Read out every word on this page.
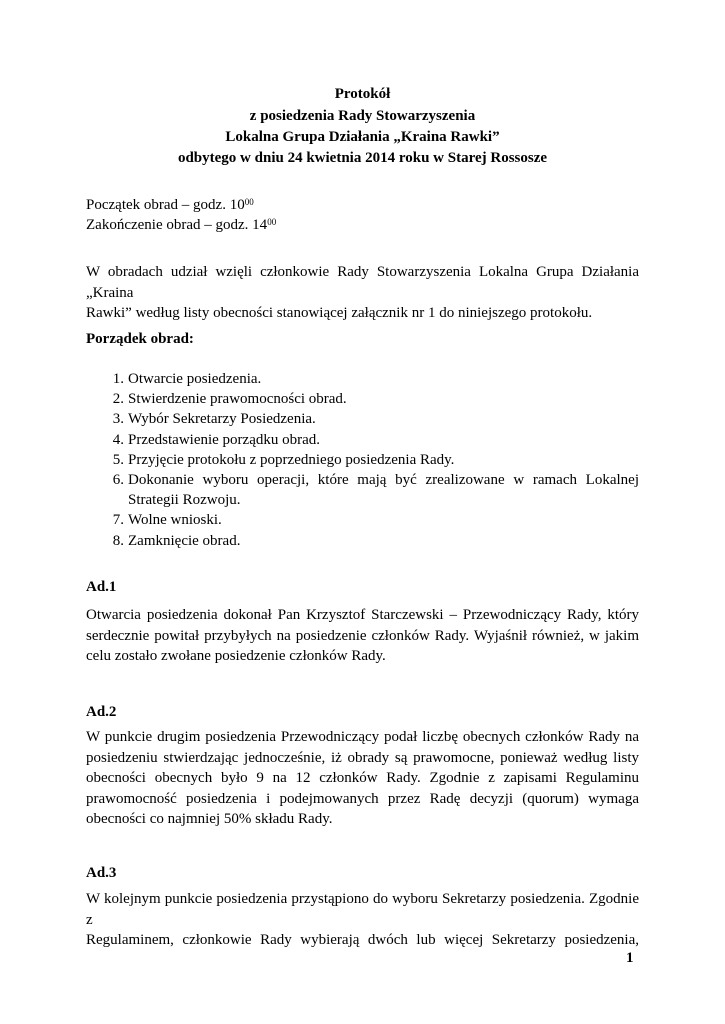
Protokół
z posiedzenia Rady Stowarzyszenia
Lokalna Grupa Działania „Kraina Rawki”
odbytego w dniu 24 kwietnia 2014 roku w Starej Rossosze
Początek obrad – godz. $10^{00}$
Zakończenie obrad – godz. $14^{00}$
W obradach udział wzięli członkowie Rady Stowarzyszenia Lokalna Grupa Działania „Kraina
Rawki” według listy obecności stanowiącej załącznik nr 1 do niniejszego protokołu.
Porządek obrad:
1. Otwarcie posiedzenia.
2. Stwierdzenie prawomocności obrad.
3. Wybór Sekretarzy Posiedzenia.
4. Przedstawienie porządku obrad.
5. Przyjęcie protokołu z poprzedniego posiedzenia Rady.
6. Dokonanie wyboru operacji, które mają być zrealizowane w ramach Lokalnej Strategii Rozwoju.
7. Wolne wnioski.
8. Zamknięcie obrad.
Ad.1
Otwarcia posiedzenia dokonał Pan Krzysztof Starczewski – Przewodniczący Rady, który
serdecznie powitał przybyłych na posiedzenie członków Rady. Wyjaśnił również, w jakim
celu zostało zwołane posiedzenie członków Rady.
Ad.2
W punkcie drugim posiedzenia Przewodniczący podał liczbę obecnych członków Rady na
posiedzeniu stwierdzając jednocześnie, iż obrady są prawomocne, ponieważ według listy
obecności obecnych było 9 na 12 członków Rady. Zgodnie z zapisami Regulaminu
prawomocność posiedzenia i podejmowanych przez Radę decyzji (quorum) wymaga
obecności co najmniej 50% składu Rady.
Ad.3
W kolejnym punkcie posiedzenia przystąpiono do wyboru Sekretarzy posiedzenia. Zgodnie z
Regulaminem, członkowie Rady wybierają dwóch lub więcej Sekretarzy posiedzenia,
1
